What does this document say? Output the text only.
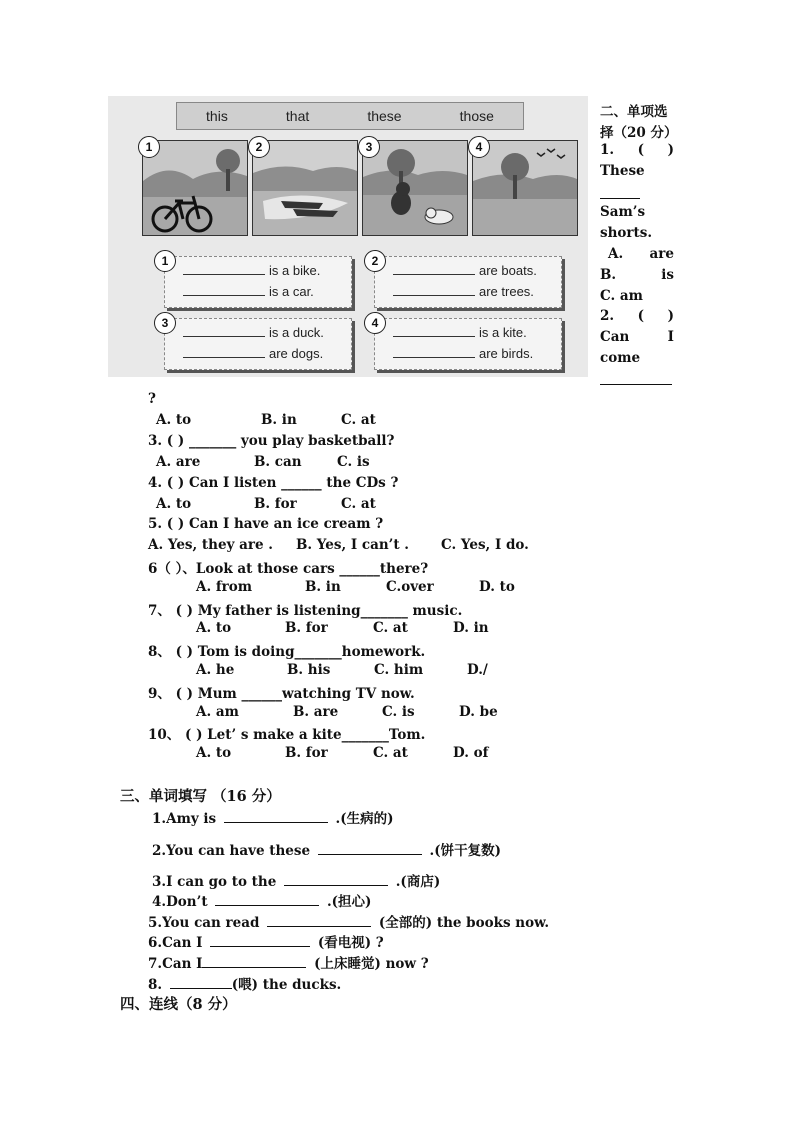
this	that	these	those
1	2	3	4
is a bike.
is a car.
1
are boats.
are trees.
2
is a duck.
are dogs.
3
is a kite.
are birds.
4
二、单项选
择（20 分）
1. ( )
These
Sam’s
shorts.
A. are
B.	is
C. am
2. ( )
Can	I
come
?
A. to	B. in	C. at
3. ( ) _______ you play basketball?
A. are	B. can	C. is
4. ( ) Can I listen ______ the CDs ?
A. to	B. for	C. at
5. ( ) Can I have an ice cream ?
A. Yes, they are . B. Yes, I can’t . C. Yes, I do.
6（ ）、Look at those cars ______there?
A. from	B. in	C.over	D. to
7、 ( ) My father is listening_______ music.
A. to	B. for	C. at	D. in
8、 ( ) Tom is doing_______homework.
A. he	B. his	C. him	D./
9、 ( ) Mum ______watching TV now.
A. am	B. are	C. is	D. be
10、 ( ) Let’ s make a kite_______Tom.
A. to	B. for	C. at	D. of
三、单词填写 （16 分）
1.Amy is	.(生病的)
2.You can have these	.(饼干复数)
3.I can go to the	.(商店)
4.Don’t	.(担心)
5.You can read	(全部的) the books now.
6.Can I	(看电视) ?
7.Can I	(上床睡觉) now ?
8.	(喂) the ducks.
四、连线（8 分）
